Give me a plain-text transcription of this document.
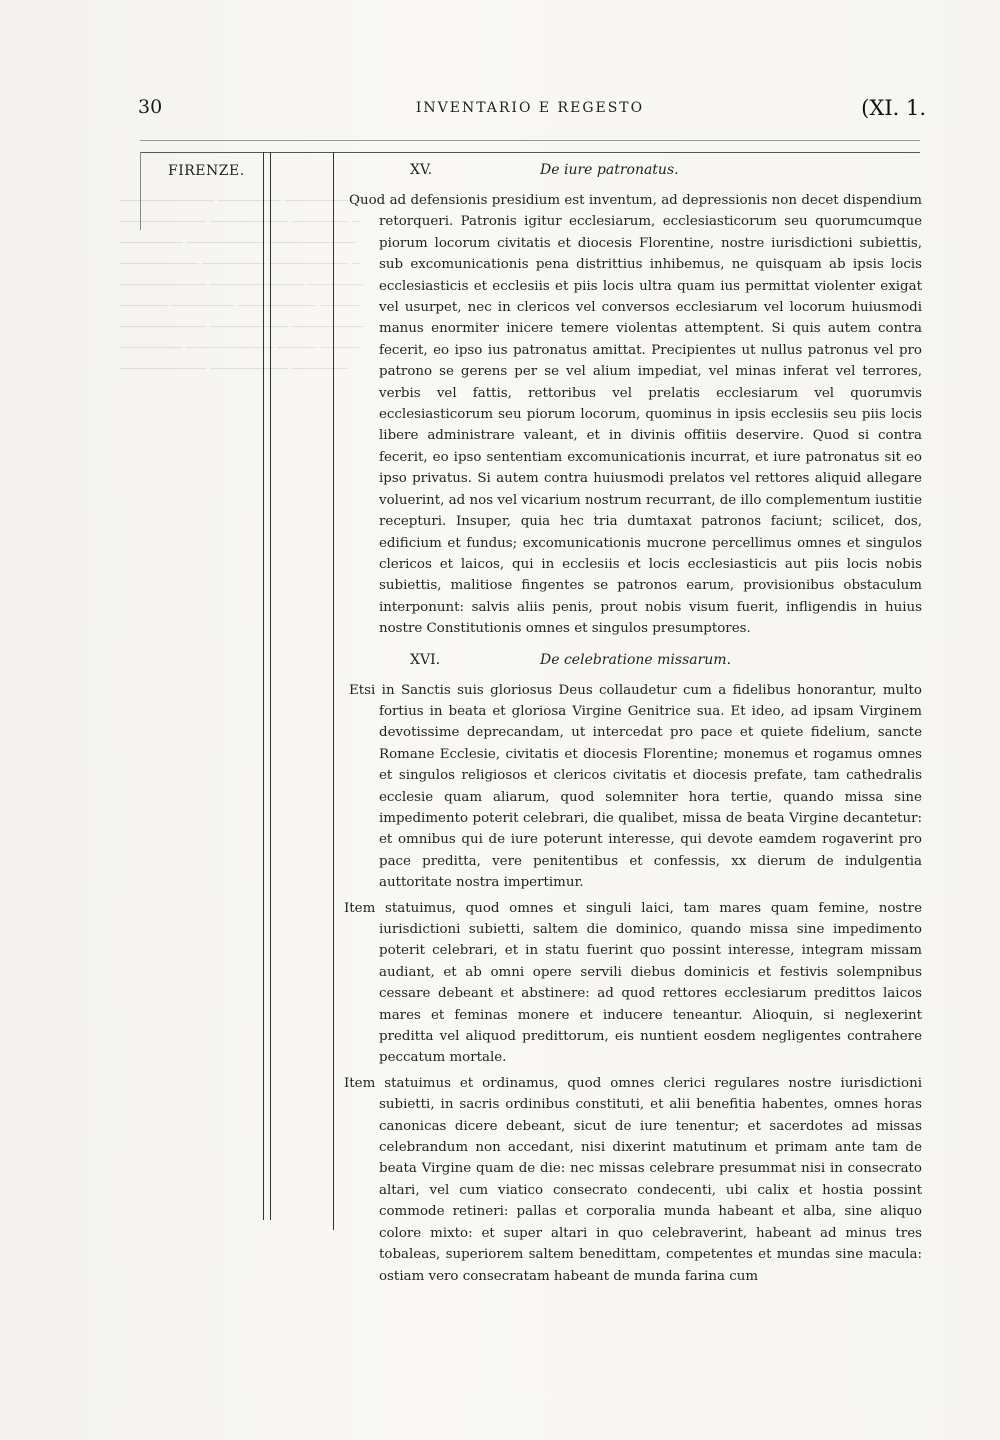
──────────── ──────── ──────────
─────────── ────────── ─────── ─
──────── ────────── ───────────
────────── ──────── ────────── ─
─────────── ──────────── ───────
────── ──────── ────────── ─────
─────────── ────────── ─────────
──────── ─────────── ───── ─────
─────────── ────────── ───────

30	INVENTARIO E REGESTO	(XI. 1.
FIRENZE.	XV.	De iure patronatus.

Quod ad defensionis presidium est inventum, ad depressionis non decet dispendium retorqueri. Patronis igitur ecclesiarum, ecclesiasticorum seu quorumcumque piorum locorum civitatis et diocesis Florentine, nostre iurisdictioni subiettis, sub excomunicationis pena distrittius inhibemus, ne quisquam ab ipsis locis ecclesiasticis et ecclesiis et piis locis ultra quam ius permittat violenter exigat vel usurpet, nec in clericos vel conversos ecclesiarum vel locorum huiusmodi manus enormiter inicere temere violentas attemptent. Si quis autem contra fecerit, eo ipso ius patronatus amittat. Precipientes ut nullus patronus vel pro patrono se gerens per se vel alium impediat, vel minas inferat vel terrores, verbis vel fattis, rettoribus vel prelatis ecclesiarum vel quorumvis ecclesiasticorum seu piorum locorum, quominus in ipsis ecclesiis seu piis locis libere administrare valeant, et in divinis offitiis deservire. Quod si contra fecerit, eo ipso sententiam excomunicationis incurrat, et iure patronatus sit eo ipso privatus. Si autem contra huiusmodi prelatos vel rettores aliquid allegare voluerint, ad nos vel vicarium nostrum recurrant, de illo complementum iustitie recepturi. Insuper, quia hec tria dumtaxat patronos faciunt; scilicet, dos, edificium et fundus; excomunicationis mucrone percellimus omnes et singulos clericos et laicos, qui in ecclesiis et locis ecclesiasticis aut piis locis nobis subiettis, malitiose fingentes se patronos earum, provisionibus obstaculum interponunt: salvis aliis penis, prout nobis visum fuerit, infligendis in huius nostre Constitutionis omnes et singulos presumptores.

XVI.	De celebratione missarum.

Etsi in Sanctis suis gloriosus Deus collaudetur cum a fidelibus honorantur, multo fortius in beata et gloriosa Virgine Genitrice sua. Et ideo, ad ipsam Virginem devotissime deprecandam, ut intercedat pro pace et quiete fidelium, sancte Romane Ecclesie, civitatis et diocesis Florentine; monemus et rogamus omnes et singulos religiosos et clericos civitatis et diocesis prefate, tam cathedralis ecclesie quam aliarum, quod solemniter hora tertie, quando missa sine impedimento poterit celebrari, die qualibet, missa de beata Virgine decantetur: et omnibus qui de iure poterunt interesse, qui devote eamdem rogaverint pro pace preditta, vere penitentibus et confessis, xx dierum de indulgentia auttoritate nostra impertimur.

Item statuimus, quod omnes et singuli laici, tam mares quam femine, nostre iurisdictioni subietti, saltem die dominico, quando missa sine impedimento poterit celebrari, et in statu fuerint quo possint interesse, integram missam audiant, et ab omni opere servili diebus dominicis et festivis solempnibus cessare debeant et abstinere: ad quod rettores ecclesiarum predittos laicos mares et feminas monere et inducere teneantur. Alioquin, si neglexerint preditta vel aliquod predittorum, eis nuntient eosdem negligentes contrahere peccatum mortale.

Item statuimus et ordinamus, quod omnes clerici regulares nostre iurisdictioni subietti, in sacris ordinibus constituti, et alii benefitia habentes, omnes horas canonicas dicere debeant, sicut de iure tenentur; et sacerdotes ad missas celebrandum non accedant, nisi dixerint matutinum et primam ante tam de beata Virgine quam de die: nec missas celebrare presummat nisi in consecrato altari, vel cum viatico consecrato condecenti, ubi calix et hostia possint commode retineri: pallas et corporalia munda habeant et alba, sine aliquo colore mixto: et super altari in quo celebraverint, habeant ad minus tres tobaleas, superiorem saltem benedittam, competentes et mundas sine macula: ostiam vero consecratam habeant de munda farina cum
